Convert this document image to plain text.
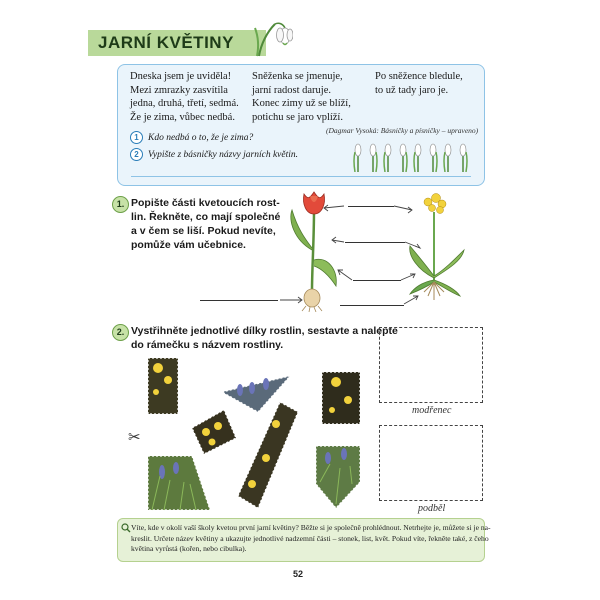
JARNÍ KVĚTINY
Dneska jsem je uviděla!
Mezi zmrazky zasvítila
jedna, druhá, třetí, sedmá.
Že je zima, vůbec nedbá.
Sněženka se jmenuje,
jarní radost daruje.
Konec zimy už se blíží,
potichu se jaro vplíží.
Po sněžence bledule,
to už tady jaro je.
(Dagmar Vysoká: Básničky a písničky – upraveno)
1 Kdo nedbá o to, že je zima?
2 Vypište z básničky názvy jarních květin.
1. Popište části kvetoucích rost-
lin. Řekněte, co mají společné
a v čem se liší. Pokud nevíte,
pomůže vám učebnice.
2. Vystřihněte jednotlivé dílky rostlin, sestavte a nalepte
do rámečku s názvem rostliny.
✂
modřenec
podběl
Víte, kde v okolí vaší školy kvetou první jarní květiny? Běžte si je společně prohlédnout. Netrhejte je, můžete si je na-
kreslit. Určete název květiny a ukazujte jednotlivé nadzemní části – stonek, list, květ. Pokud víte, řekněte také, z čeho
květina vyrůstá (kořen, nebo cibulka).
52
